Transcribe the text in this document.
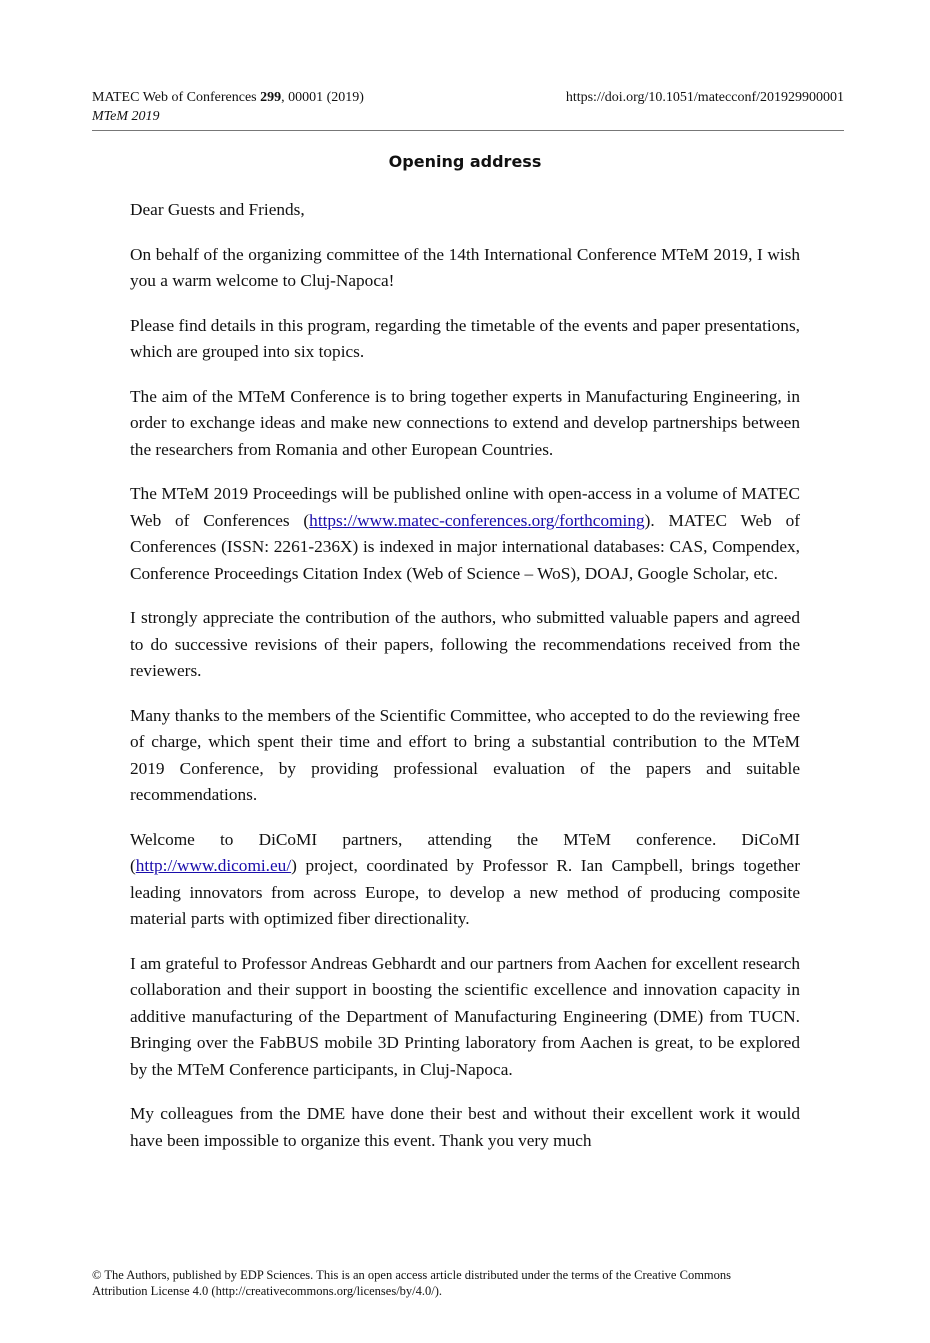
MATEC Web of Conferences 299, 00001 (2019)	https://doi.org/10.1051/matecconf/201929900001
MTeM 2019
Opening address

Dear Guests and Friends,

On behalf of the organizing committee of the 14th International Conference MTeM 2019, I wish you a warm welcome to Cluj-Napoca!

Please find details in this program, regarding the timetable of the events and paper presentations, which are grouped into six topics.

The aim of the MTeM Conference is to bring together experts in Manufacturing Engineering, in order to exchange ideas and make new connections to extend and develop partnerships between the researchers from Romania and other European Countries.

The MTeM 2019 Proceedings will be published online with open-access in a volume of MATEC Web of Conferences (https://www.matec-conferences.org/forthcoming). MATEC Web of Conferences (ISSN: 2261-236X) is indexed in major international databases: CAS, Compendex, Conference Proceedings Citation Index (Web of Science – WoS), DOAJ, Google Scholar, etc.

I strongly appreciate the contribution of the authors, who submitted valuable papers and agreed to do successive revisions of their papers, following the recommendations received from the reviewers.

Many thanks to the members of the Scientific Committee, who accepted to do the reviewing free of charge, which spent their time and effort to bring a substantial contribution to the MTeM 2019 Conference, by providing professional evaluation of the papers and suitable recommendations.

Welcome to DiCoMI partners, attending the MTeM conference. DiCoMI (http://www.dicomi.eu/) project, coordinated by Professor R. Ian Campbell, brings together leading innovators from across Europe, to develop a new method of producing composite material parts with optimized fiber directionality.

I am grateful to Professor Andreas Gebhardt and our partners from Aachen for excellent research collaboration and their support in boosting the scientific excellence and innovation capacity in additive manufacturing of the Department of Manufacturing Engineering (DME) from TUCN. Bringing over the FabBUS mobile 3D Printing laboratory from Aachen is great, to be explored by the MTeM Conference participants, in Cluj-Napoca.

My colleagues from the DME have done their best and without their excellent work it would have been impossible to organize this event. Thank you very much

© The Authors, published by EDP Sciences. This is an open access article distributed under the terms of the Creative Commons
Attribution License 4.0 (http://creativecommons.org/licenses/by/4.0/).
